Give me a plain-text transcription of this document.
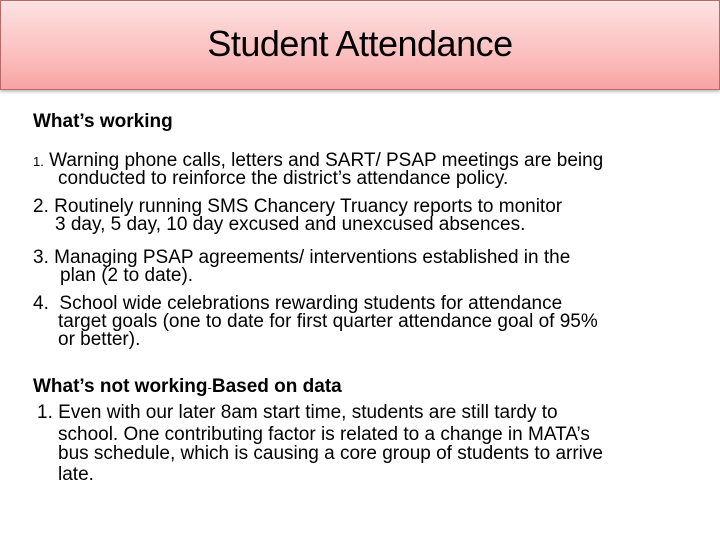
Student Attendance
What’s working
1. Warning phone calls, letters and SART/ PSAP meetings are being
conducted to reinforce the district’s attendance policy.
2. Routinely running SMS Chancery Truancy reports to monitor
3 day, 5 day, 10 day excused and unexcused absences.
3. Managing PSAP agreements/ interventions established in the
plan (2 to date).
4. School wide celebrations rewarding students for attendance
target goals (one to date for first quarter attendance goal of 95%
or better).
What’s not working-Based on data
1. Even with our later 8am start time, students are still tardy to
school. One contributing factor is related to a change in MATA’s
bus schedule, which is causing a core group of students to arrive
late.
